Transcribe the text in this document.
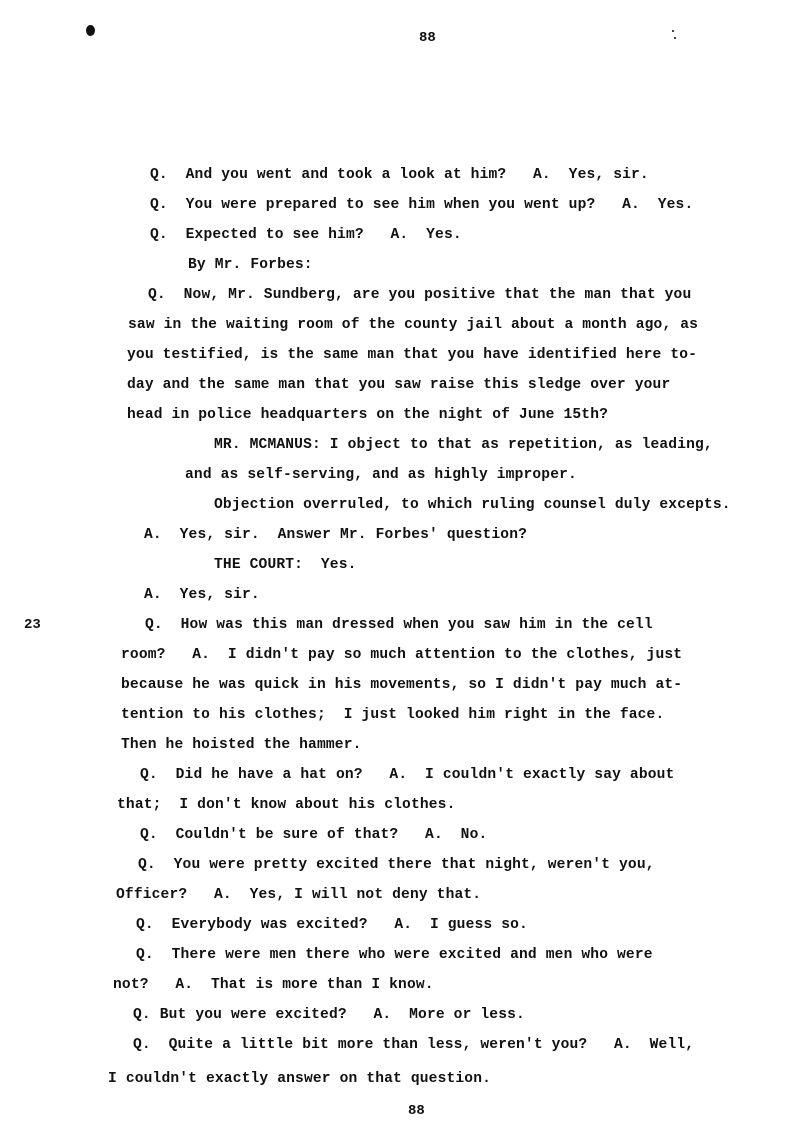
88
23
Q.  And you went and took a look at him?   A.  Yes, sir.
Q.  You were prepared to see him when you went up?   A.  Yes.
Q.  Expected to see him?   A.  Yes.
By Mr. Forbes:
Q.  Now, Mr. Sundberg, are you positive that the man that you
saw in the waiting room of the county jail about a month ago, as
you testified, is the same man that you have identified here to-
day and the same man that you saw raise this sledge over your
head in police headquarters on the night of June 15th?
MR. MCMANUS: I object to that as repetition, as leading,
and as self-serving, and as highly improper.
Objection overruled, to which ruling counsel duly excepts.
A.  Yes, sir.  Answer Mr. Forbes' question?
THE COURT:  Yes.
A.  Yes, sir.
Q.  How was this man dressed when you saw him in the cell
room?   A.  I didn't pay so much attention to the clothes, just
because he was quick in his movements, so I didn't pay much at-
tention to his clothes;  I just looked him right in the face.
Then he hoisted the hammer.
Q.  Did he have a hat on?   A.  I couldn't exactly say about
that;  I don't know about his clothes.
Q.  Couldn't be sure of that?   A.  No.
Q.  You were pretty excited there that night, weren't you,
Officer?   A.  Yes, I will not deny that.
Q.  Everybody was excited?   A.  I guess so.
Q.  There were men there who were excited and men who were
not?   A.  That is more than I know.
Q. But you were excited?   A.  More or less.
Q.  Quite a little bit more than less, weren't you?   A.  Well,
I couldn't exactly answer on that question.
88
